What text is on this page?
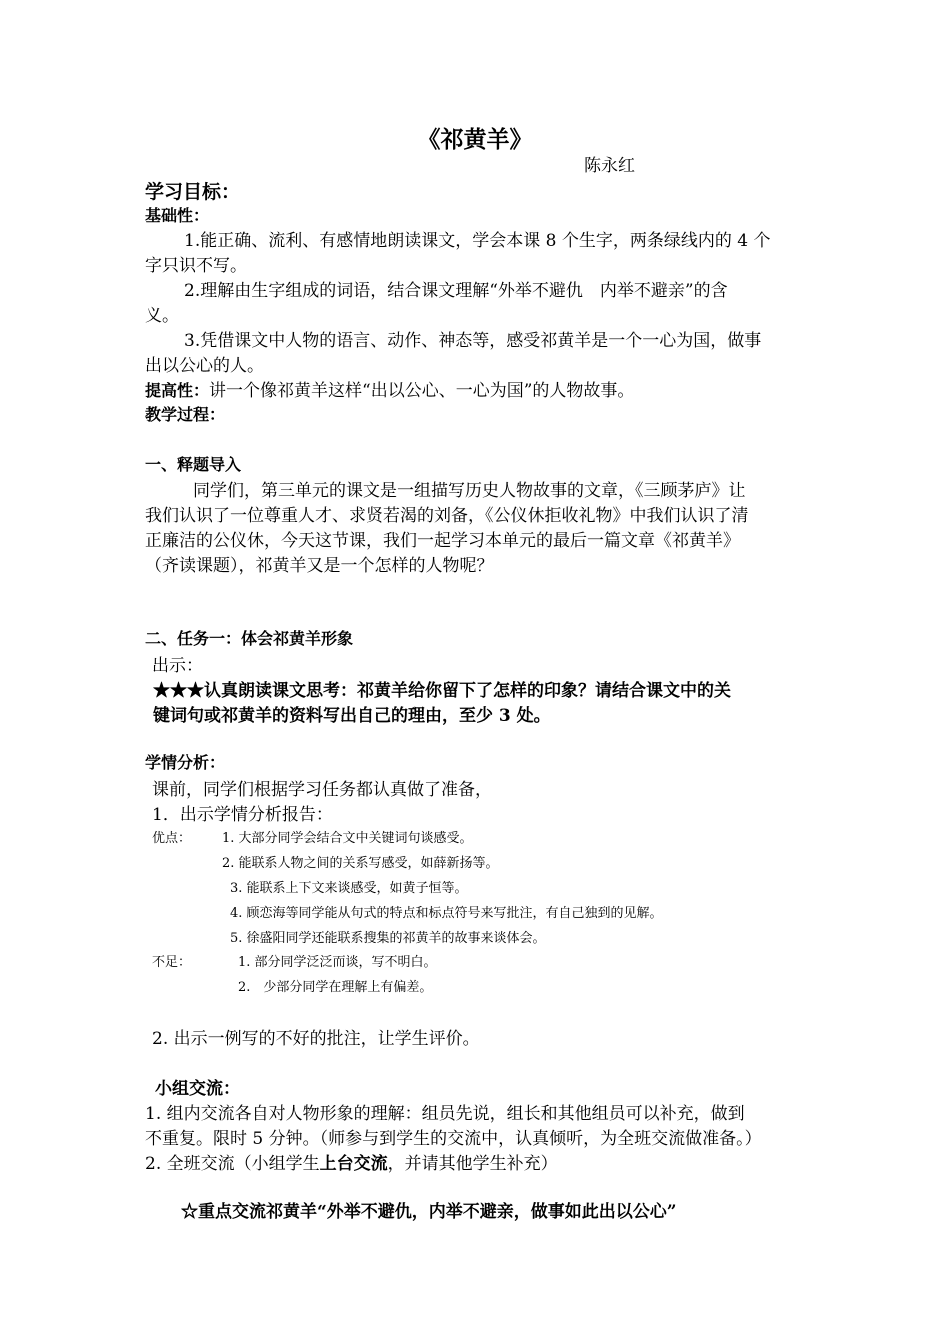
《祁黄羊》
陈永红
学习目标：
基础性：
1.能正确、流利、有感情地朗读课文，学会本课 8 个生字，两条绿线内的 4 个
字只识不写。
2.理解由生字组成的词语，结合课文理解“外举不避仇　内举不避亲”的含
义。
3.凭借课文中人物的语言、动作、神态等，感受祁黄羊是一个一心为国，做事
出以公心的人。
提高性：讲一个像祁黄羊这样“出以公心、一心为国”的人物故事。
教学过程：
一、释题导入
同学们，第三单元的课文是一组描写历史人物故事的文章，《三顾茅庐》让
我们认识了一位尊重人才、求贤若渴的刘备，《公仪休拒收礼物》中我们认识了清
正廉洁的公仪休，今天这节课，我们一起学习本单元的最后一篇文章《祁黄羊》
（齐读课题），祁黄羊又是一个怎样的人物呢？
二、任务一：体会祁黄羊形象
出示：
★★★认真朗读课文思考：祁黄羊给你留下了怎样的印象？请结合课文中的关
键词句或祁黄羊的资料写出自己的理由，至少 3 处。
学情分析：
课前，同学们根据学习任务都认真做了准备，
1．出示学情分析报告：
优点： 1. 大部分同学会结合文中关键词句谈感受。
2. 能联系人物之间的关系写感受，如薛新扬等。
3. 能联系上下文来谈感受，如黄子恒等。
4. 顾恋海等同学能从句式的特点和标点符号来写批注，有自己独到的见解。
5. 徐盛阳同学还能联系搜集的祁黄羊的故事来谈体会。
不足：	1. 部分同学泛泛而谈，写不明白。
2.　少部分同学在理解上有偏差。
2. 出示一例写的不好的批注，让学生评价。
小组交流：
1. 组内交流各自对人物形象的理解：组员先说，组长和其他组员可以补充，做到
不重复。限时 5 分钟。（师参与到学生的交流中，认真倾听，为全班交流做准备。）
2. 全班交流（小组学生上台交流，并请其他学生补充）
☆重点交流祁黄羊“外举不避仇，内举不避亲，做事如此出以公心”
